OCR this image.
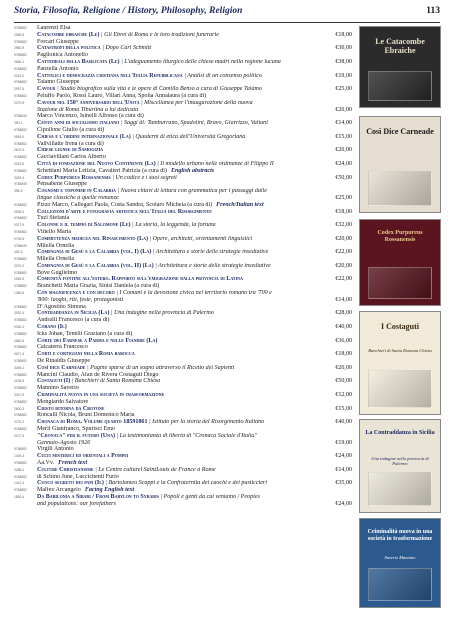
Storia, Filosofia, Religione / History, Philosophy, Religion	113
9788882	Laurenzi Elsa
2069-9	Catacombe ebraiche (Le) | Gli Ebrei di Roma e le loro tradizioni funerarie	€18,00
9788882	Forcari Giuseppe
2960-9	Catastrofi della politica | Dopo Carl Schmitt	€30,00
9788882	Paglionica Antonello
3686-1	Cattedrali della Basilicata (Le) | L'adeguamento liturgico delle chiese madri nella regione lucana	€38,00
9788882	Panzella Antonio
3019-2	Cattolici e democrazia cristiana nell'Italia Repubblicana | Analisi di un consenso politico	€19,00
9788882	Talamo Giuseppe
2997-5	Cavour | Studio biografico sulla vita e le opere di Camillo Benso a cura di Giuseppe Talamo	€25,00
9788882	Peluffo Paolo, Rossi Lauro, Villari Anna, Spolia Annalaura (a cura di)
2270-9	Cavour nel 150° anniversario dell'Unità | Miscellanea per l'inaugurazione della nuova
Stazione di Roma Tiburtina a lui dedicata	€20,00
9788849	Marco Vincenzo, Isinelli Alfonso (a cura di)
390-1	Cento anni di socialismo italiano | Saggi di: Tamburrano, Spadolini, Bravo, Giarrizzo, Valiani	€14,00
9788882	Cipollone Giulio (a cura di)
0593-0	Chiesa e l'ordine internazionale (La) | Quaderni di etica dell'Università Gregoriana	€15,00
9788882	Vallvillatte Irena (a cura di)
2676-9	Chiese lignee di Samogizia	€20,00
9788882	Cacciavillani Carlos Alberto
0023-5	Città di fondazione del Nuovo Continente (La) | Il modello urbano nelle ordinanze di Filippo II	€24,00
9788882	Schettiani Maria Letizia, Cavalieri Patrizia (a cura di) English abstracts
3263-4	Codex Purpureus Rossanensis | Un codice e i suoi segreti	€50,00
9788849	Pensabene Giuseppe
398-9	Cognomi e toponimi in Calabria | Nuova chiavi di lettura con grammatica per i passaggi dalle
lingue classiche a quelle romanze	€25,00
9788882	Pizzo Marco, Callegari Paola, Costa Sandra, Scolaro Michela (a cura di) French/Italian text
3938-4	Collezioni d'arte e fotografia artistica nell'Italia del Risorgimento	€18,00
9788882	Tuzi Stefania
0377-9	Colonne e il tempio di Salomone (Le) | La storia, la leggenda, la fortuna	€32,00
9788882	Vitiello Maria
0706-5	Committenza medicea nel Rinascimento (La) | Opere, architetti, orientamenti linguistici	€20,00
9788849	Milella Ornella
454-6	Compagnia di Gesù e la Calabria (vol. I) (La) | Architettura e storie delle strategie insediative	€22,00
9788882	Milella Ornella
3079-2	Compagnia di Gesù e la Calabria (vol. II) (La) | Architettura e storie delle strategie insediative	€20,00
9788882	Bove Guglielmo
1155-5	Comunità fontine all'estero. Rapporto sull'emigrazione dalla provincia di Latina	€22,00
9788882	Branchetti Maria Grazia, Sinisi Daniela (a cura di)
1380-5	Con magnificenza e con decoro | I Comuni e la devozione civica nel territorio romano tra '700 e
'800: luoghi, riti, feste, protagonisti	€14,00
9788882	D' Agostino Simona
3932-4	Contraddanza in Sicilia (La) | Una indagine nella provincia di Palermo	€28,00
9788882	Andralli Francesco (a cura di)
0250-2	Corano (Il)	€40,00
9788882	Icks Johan, Tenelli Graziano (a cura di)
4660-5	Corte dei Farnese a Parma e nelle Fiandre (La)	€36,00
9788882	Calcaterra Francesco
0671-3	Corti e cortigiani nella Roma barocca	€18,00
9788882	De Rinaldis Giuseppe
3269-1	Così dice Carneade | Pagine sparse di un sogno attraverso il Ricetto dei Sapienti	€20,00
9788882	Mancini Claudio, Afan de Rivera Costaguti Diego
4198-9	Costaguti (I) | Banchieri di Santa Romana Chiesa	€50,00
9788882	Mannino Saverio
3407-9	Criminalità nuova in una società in trasformazione	€12,00
9788882	Mongiardo Salvatore
2600-3	Cristo ritorna da Crotone	€15,00
9788882	Roncalli Nicola, Bruni Domenico Maria
3703-2	Cronaca di Roma. Volume quarto 18591861 | Istituto per la storia del Risorgimento Italiano	€40,00
9788882	Merli Gianfranco, Spurisci Emo
0107-9	"Cronaca" per il futuro (Una) | La testimonianza di libertà di "Cronaca Sociale d'Italia"
Gennaio-Agosto 1926	€19,00
9788882	Virgili Antonio
1409-3	Culti misterici ed orientali a Pompei	€24,00
9788882	Aa.Vv. French text
3288-1	Culture Christianisme | Le Centre culturel SaintLouis de France à Rome	€14,00
9788882	di Schino June, Luccichenti Furio
1412-3	Cuoco segreto dei papi (Il) | Bartolomeo Scappi e la Confraternita dei cuochi e dei pasticcieri	€35,00
9788882	Malfeo Arcangelo Facing English text
1853-4	Da Babilonia a Sibari / From Babylon to Sybaris | Popoli e genti da cui veniamo / Peoples
and populations: our forefathers	€24,00
Le Catacombe Ebraiche
Così Dice Carneade
Codex Purpureus Rossanensis
I Costaguti
Banchieri di Santa Romana Chiesa
La Contraddanza in Sicilia
Una indagine nella provincia di Palermo
Criminalità nuova in una società in trasformazione
Saverio Mannino
